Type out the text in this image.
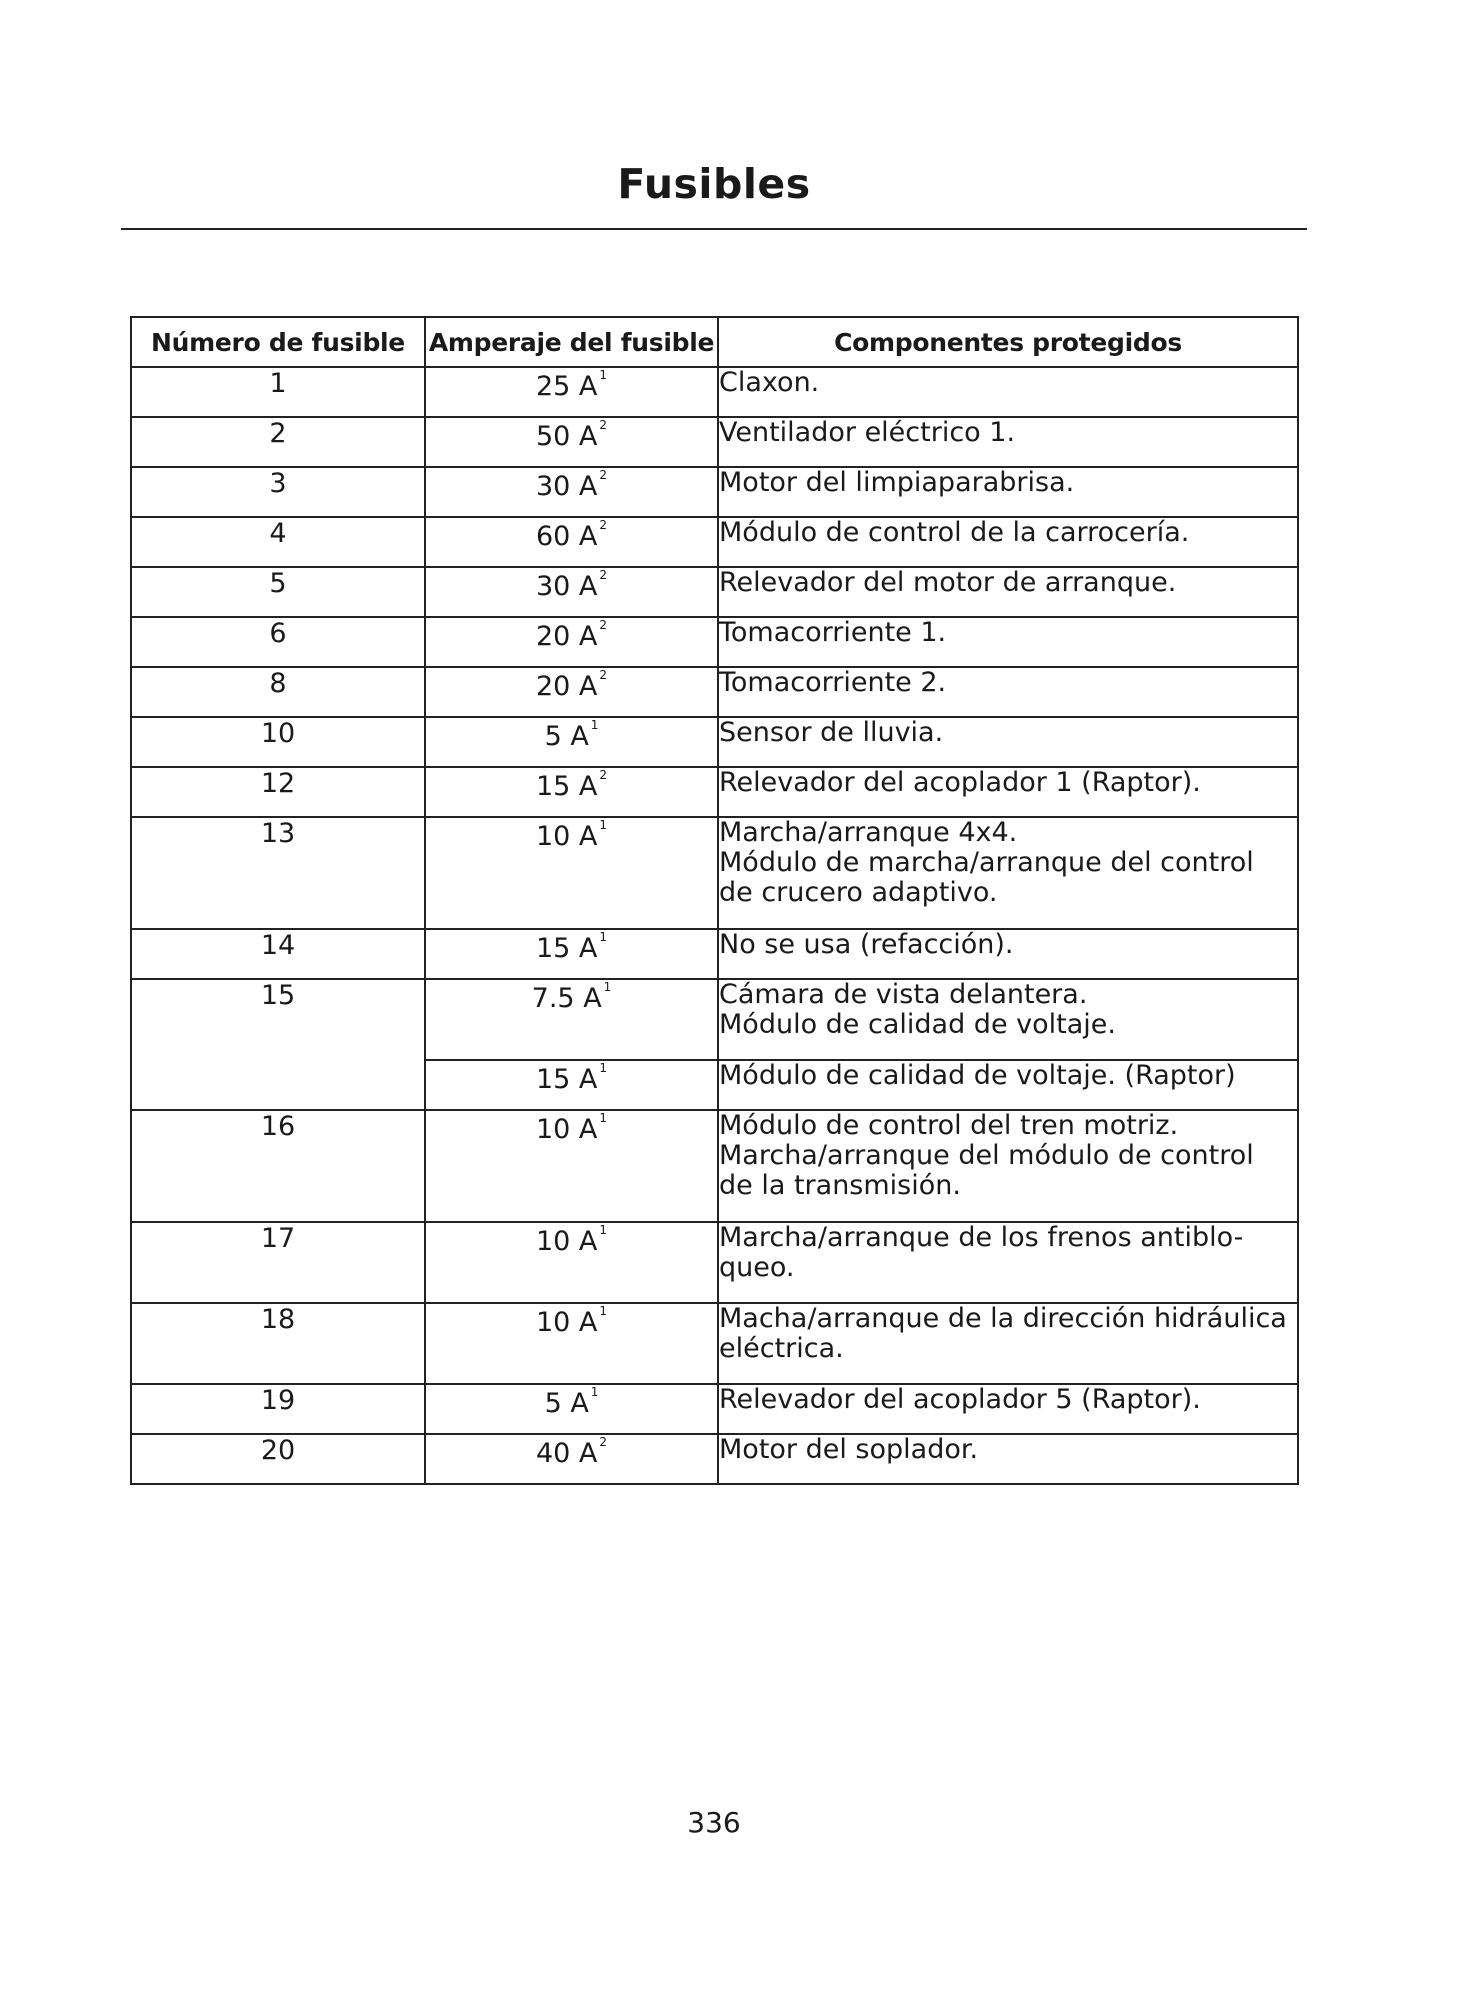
Fusibles
Número de fusible	Amperaje del fusible	Componentes protegidos
1	25 A $^1$	Claxon.

2	50 A $^2$	Ventilador eléctrico 1.

3	30 A $^2$	Motor del limpiaparabrisa.

4	60 A $^2$	Módulo de control de la carrocería.

5	30 A $^2$	Relevador del motor de arranque.

6	20 A $^2$	Tomacorriente 1.

8	20 A $^2$	Tomacorriente 2.

10	5 A $^1$	Sensor de lluvia.

12	15 A $^2$	Relevador del acoplador 1 (Raptor).

13	10 A $^1$	Marcha/arranque 4x4.
Módulo de marcha/arranque del control
de crucero adaptivo.

14	15 A $^1$	No se usa (refacción).

15	7.5 A $^1$	Cámara de vista delantera.
Módulo de calidad de voltaje.

	15 A $^1$	Módulo de calidad de voltaje. (Raptor)

16	10 A $^1$	Módulo de control del tren motriz.
Marcha/arranque del módulo de control
de la transmisión.

17	10 A $^1$	Marcha/arranque de los frenos antiblo-
queo.

18	10 A $^1$	Macha/arranque de la dirección hidráulica
eléctrica.

19	5 A $^1$	Relevador del acoplador 5 (Raptor).

20	40 A $^2$	Motor del soplador.
336
